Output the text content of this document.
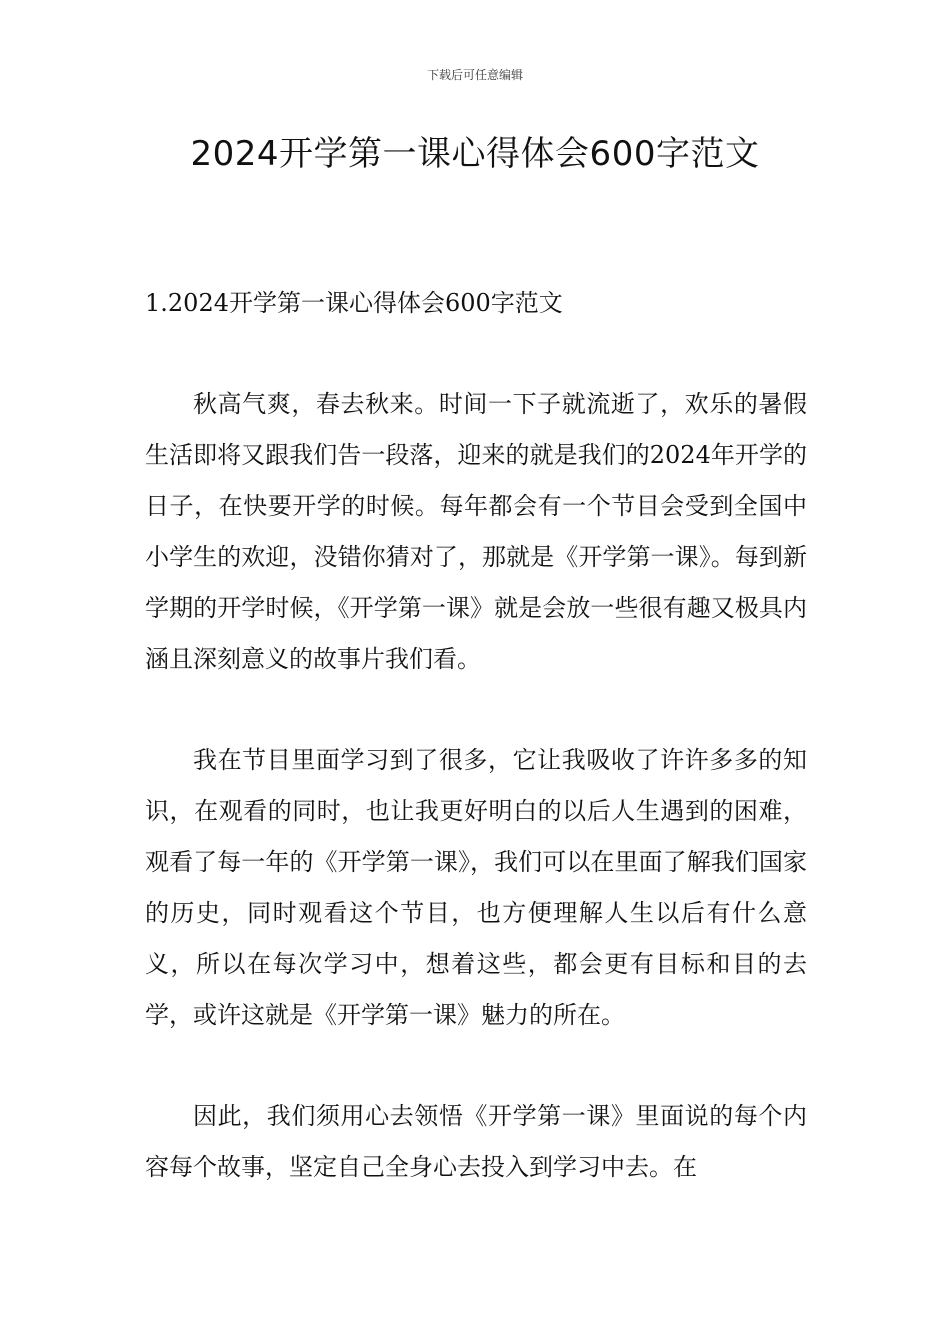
下载后可任意编辑
2024开学第一课心得体会600字范文

1.2024开学第一课心得体会600字范文

秋高气爽，春去秋来。时间一下子就流逝了，欢乐的暑假生活即将又跟我们告一段落，迎来的就是我们的2024年开学的日子，在快要开学的时候。每年都会有一个节目会受到全国中小学生的欢迎，没错你猜对了，那就是《开学第一课》。每到新学期的开学时候，《开学第一课》就是会放一些很有趣又极具内涵且深刻意义的故事片我们看。

我在节目里面学习到了很多，它让我吸收了许许多多的知识，在观看的同时，也让我更好明白的以后人生遇到的困难，观看了每一年的《开学第一课》，我们可以在里面了解我们国家的历史，同时观看这个节目，也方便理解人生以后有什么意义，所以在每次学习中，想着这些，都会更有目标和目的去学，或许这就是《开学第一课》魅力的所在。

因此，我们须用心去领悟《开学第一课》里面说的每个内容每个故事，坚定自己全身心去投入到学习中去。在
